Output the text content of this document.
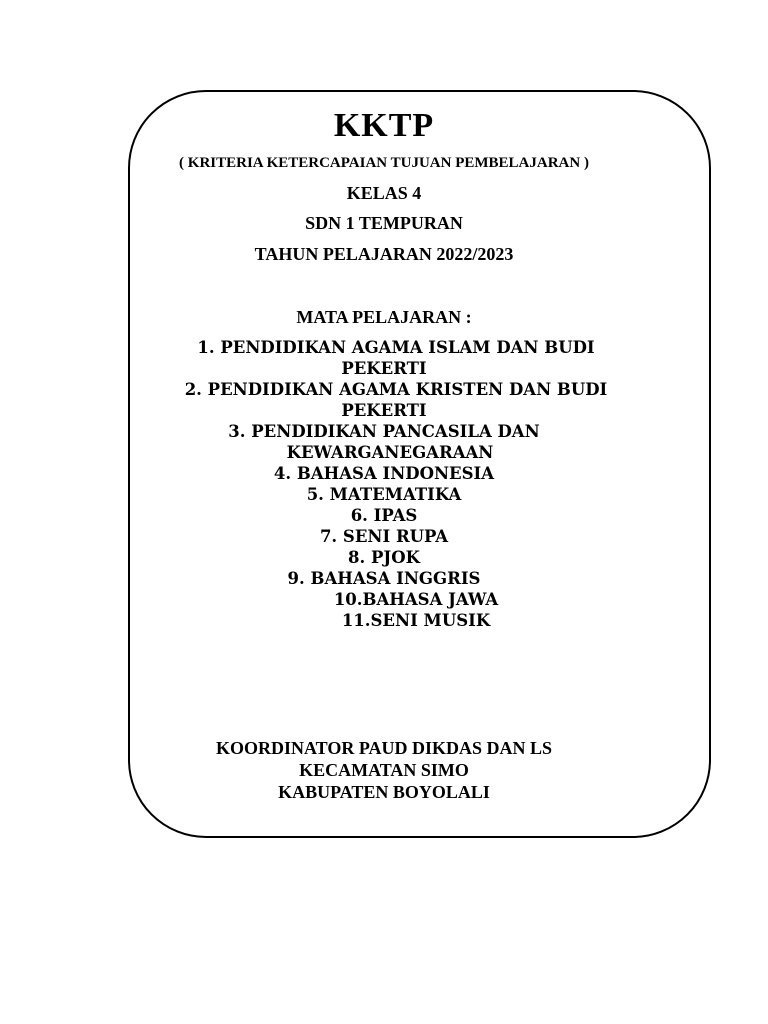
KKTP
( KRITERIA KETERCAPAIAN TUJUAN PEMBELAJARAN )
KELAS 4
SDN 1 TEMPURAN
TAHUN PELAJARAN 2022/2023
MATA PELAJARAN :
1. PENDIDIKAN AGAMA ISLAM DAN BUDI
PEKERTI
2. PENDIDIKAN AGAMA KRISTEN DAN BUDI
PEKERTI
3. PENDIDIKAN PANCASILA DAN
KEWARGANEGARAAN
4. BAHASA INDONESIA
5. MATEMATIKA
6. IPAS
7. SENI RUPA
8. PJOK
9. BAHASA INGGRIS
10.BAHASA JAWA
11.SENI MUSIK
KOORDINATOR PAUD DIKDAS DAN LS
KECAMATAN SIMO
KABUPATEN BOYOLALI
